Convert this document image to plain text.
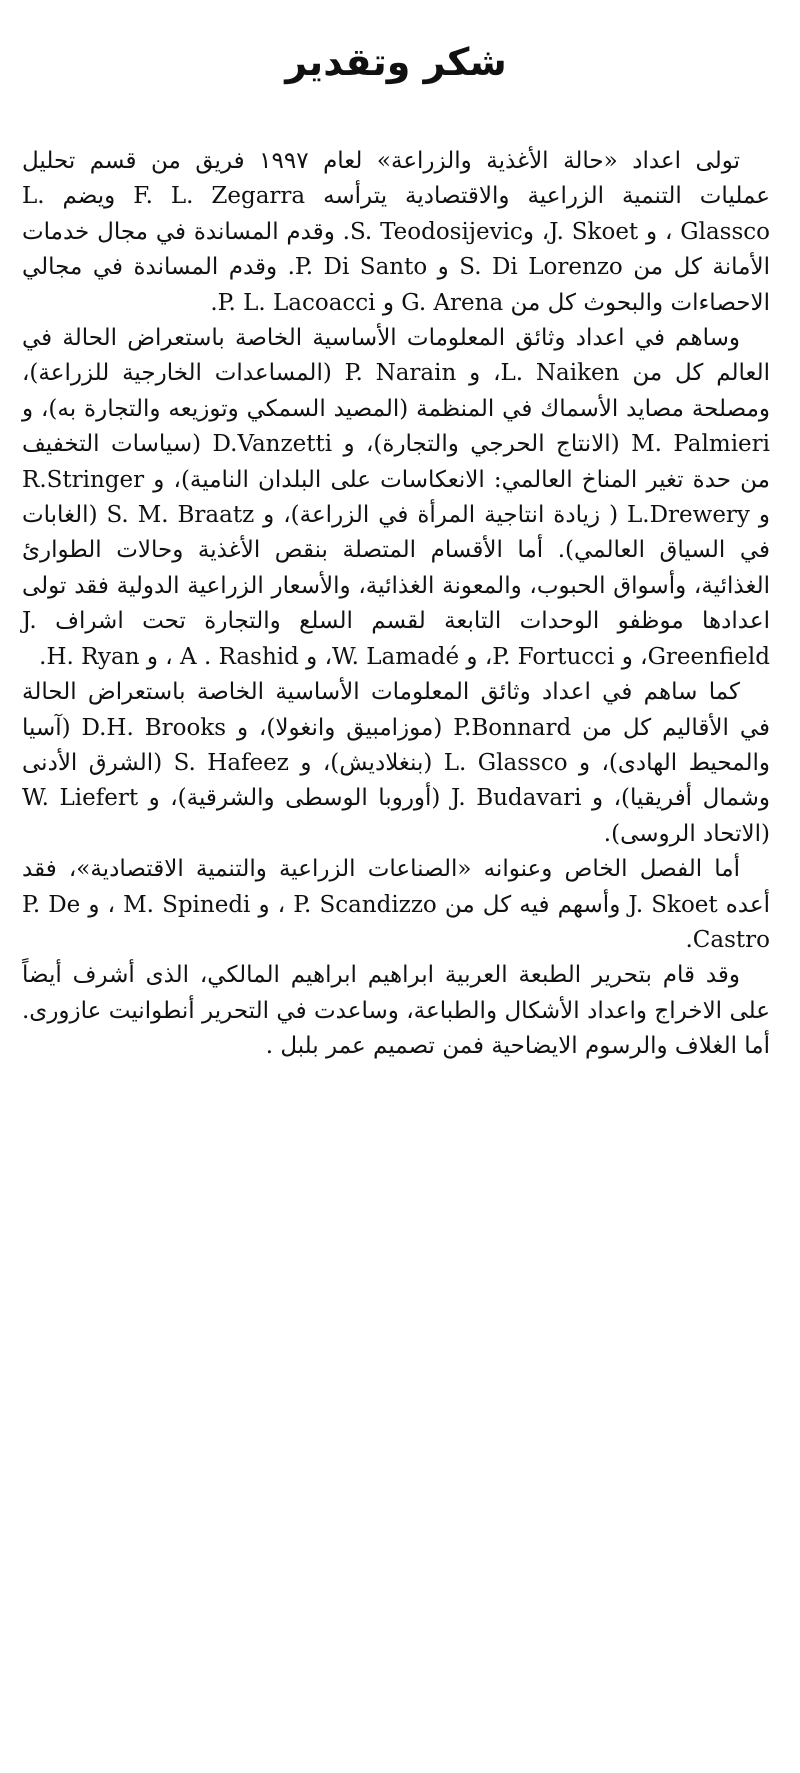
شكر وتقدير

تولى اعداد «حالة الأغذية والزراعة» لعام ١٩٩٧ فريق من قسم تحليل عمليات التنمية الزراعية والاقتصادية يترأسه F. L. Zegarra ويضم L. Glassco ، و J. Skoet، وS. Teodosijevic. وقدم المساندة في مجال خدمات الأمانة كل من S. Di Lorenzo و P. Di Santo. وقدم المساندة في مجالي الاحصاءات والبحوث كل من G. Arena و P. L. Lacoacci.

وساهم في اعداد وثائق المعلومات الأساسية الخاصة باستعراض الحالة في العالم كل من L. Naiken، و P. Narain (المساعدات الخارجية للزراعة)، ومصلحة مصايد الأسماك في المنظمة (المصيد السمكي وتوزيعه والتجارة به)، و M. Palmieri (الانتاج الحرجي والتجارة)، و D.Vanzetti (سياسات التخفيف من حدة تغير المناخ العالمي: الانعكاسات على البلدان النامية)، و R.Stringer و L.Drewery ( زيادة انتاجية المرأة في الزراعة)، و S. M. Braatz (الغابات في السياق العالمي). أما الأقسام المتصلة بنقص الأغذية وحالات الطوارئ الغذائية، وأسواق الحبوب، والمعونة الغذائية، والأسعار الزراعية الدولية فقد تولى اعدادها موظفو الوحدات التابعة لقسم السلع والتجارة تحت اشراف J. Greenfield، و P. Fortucci، و W. Lamadé، و A . Rashid ، و H. Ryan.

كما ساهم في اعداد وثائق المعلومات الأساسية الخاصة باستعراض الحالة في الأقاليم كل من P.Bonnard (موزامبيق وانغولا)، و D.H. Brooks (آسيا والمحيط الهادى)، و L. Glassco (بنغلاديش)، و S. Hafeez (الشرق الأدنى وشمال أفريقيا)، و J. Budavari (أوروبا الوسطى والشرقية)، و W. Liefert (الاتحاد الروسى).

أما الفصل الخاص وعنوانه «الصناعات الزراعية والتنمية الاقتصادية»، فقد أعده J. Skoet وأسهم فيه كل من P. Scandizzo ، و M. Spinedi ، و P. De Castro.

وقد قام بتحرير الطبعة العربية ابراهيم ابراهيم المالكي، الذى أشرف أيضاً على الاخراج واعداد الأشكال والطباعة، وساعدت في التحرير أنطوانيت عازورى. أما الغلاف والرسوم الايضاحية فمن تصميم عمر بلبل .
